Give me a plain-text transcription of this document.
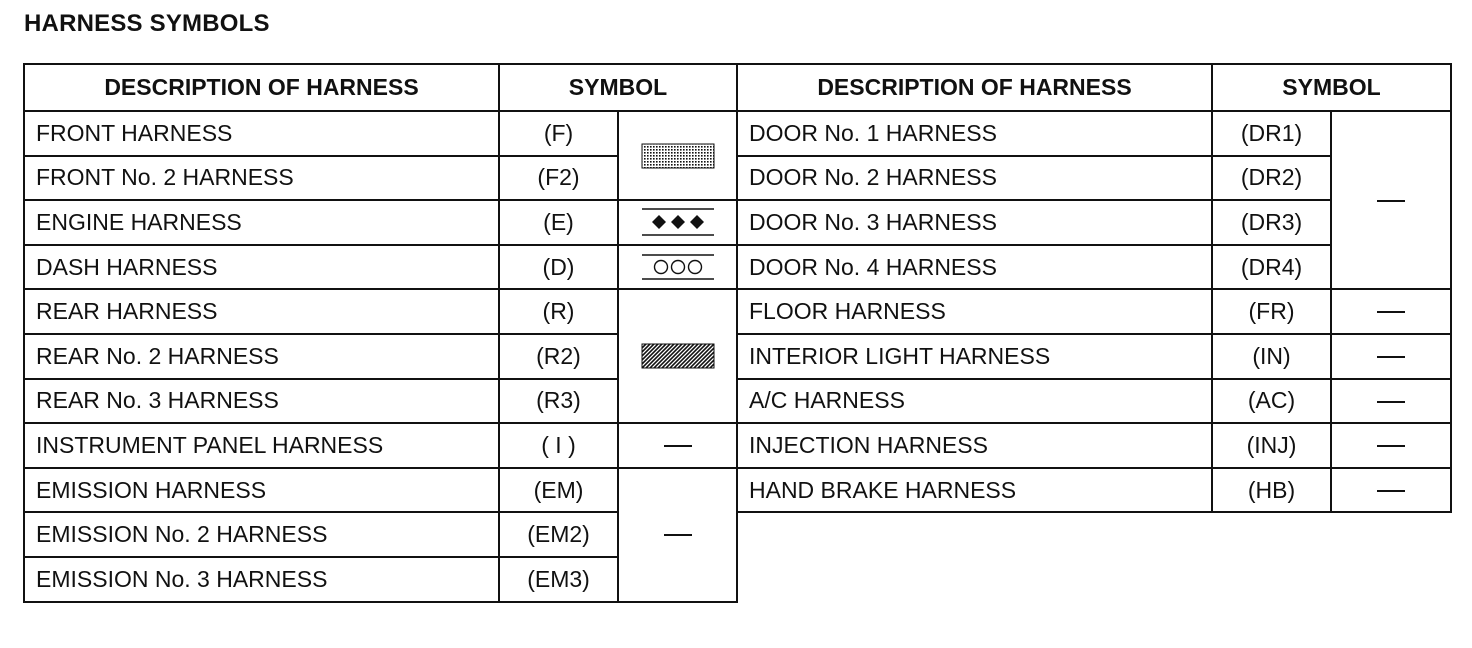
HARNESS SYMBOLS
DESCRIPTION OF HARNESS	SYMBOL	
FRONT HARNESS	(F)	

FRONT No. 2 HARNESS	(F2)	
ENGINE HARNESS	(E)	

DASH HARNESS	(D)	

REAR HARNESS	(R)	

REAR No. 2 HARNESS	(R2)	
REAR No. 3 HARNESS	(R3)	
INSTRUMENT PANEL HARNESS	( I )	
EMISSION HARNESS	(EM)	
EMISSION No. 2 HARNESS	(EM2)	
EMISSION No. 3 HARNESS	(EM3)	
DESCRIPTION OF HARNESS	SYMBOL	
DOOR No. 1 HARNESS	(DR1)	
DOOR No. 2 HARNESS	(DR2)	
DOOR No. 3 HARNESS	(DR3)	
DOOR No. 4 HARNESS	(DR4)	
FLOOR HARNESS	(FR)	
INTERIOR LIGHT HARNESS	(IN)	
A/C HARNESS	(AC)	
INJECTION HARNESS	(INJ)	
HAND BRAKE HARNESS	(HB)	
